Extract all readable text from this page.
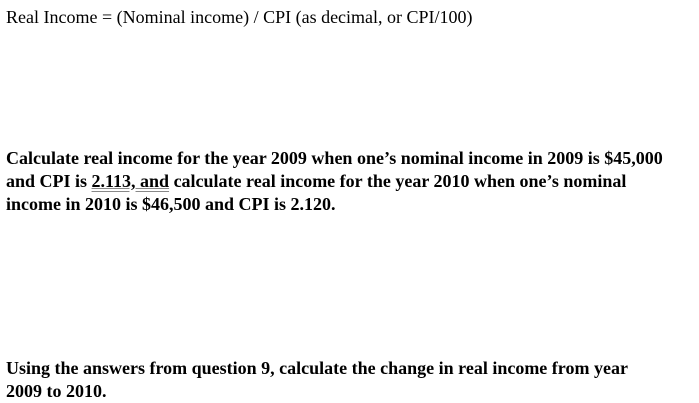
Real Income = (Nominal income) / CPI (as decimal, or CPI/100)
Calculate real income for the year 2009 when one’s nominal income in 2009 is $45,000
and CPI is 2.113, and calculate real income for the year 2010 when one’s nominal
income in 2010 is $46,500 and CPI is 2.120.
Using the answers from question 9, calculate the change in real income from year
2009 to 2010.
